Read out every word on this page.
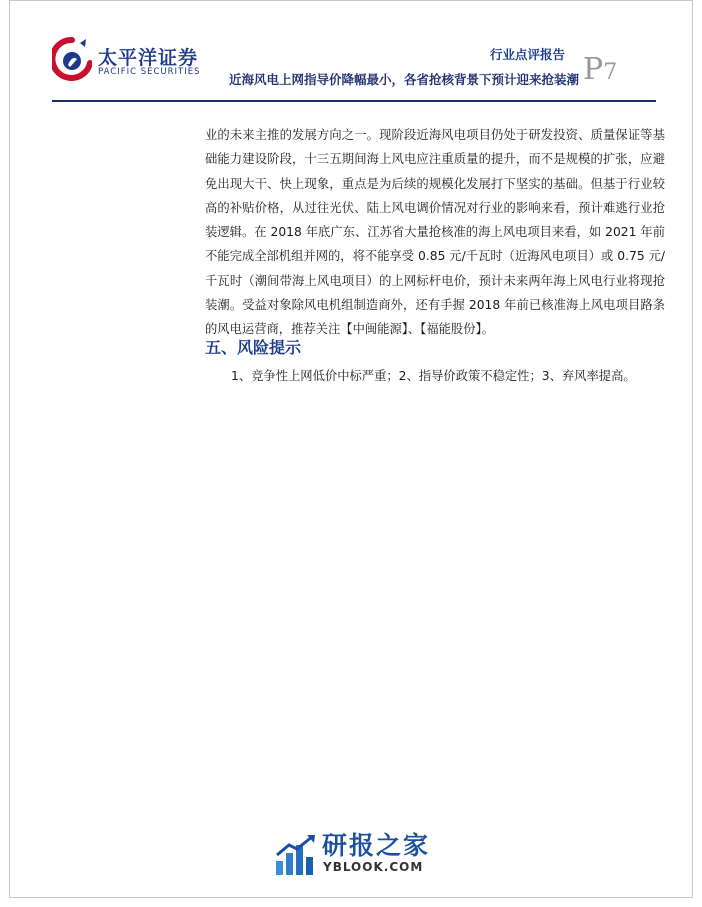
太平洋证券
PACIFIC SECURITIES
行业点评报告
近海风电上网指导价降幅最小，各省抢核背景下预计迎来抢装潮 P7

业的未来主推的发展方向之一。现阶段近海风电项目仍处于研发投资、质量保证等基础能力建设阶段，十三五期间海上风电应注重质量的提升，而不是规模的扩张，应避免出现大干、快上现象，重点是为后续的规模化发展打下坚实的基础。但基于行业较高的补贴价格，从过往光伏、陆上风电调价情况对行业的影响来看，预计难逃行业抢装逻辑。在 2018 年底广东、江苏省大量抢核准的海上风电项目来看，如 2021 年前不能完成全部机组并网的，将不能享受 0.85 元/千瓦时（近海风电项目）或 0.75 元/千瓦时（潮间带海上风电项目）的上网标杆电价，预计未来两年海上风电行业将现抢装潮。受益对象除风电机组制造商外，还有手握 2018 年前已核准海上风电项目路条的风电运营商，推荐关注【中闽能源】、【福能股份】。

五、风险提示

1、竞争性上网低价中标严重；2、指导价政策不稳定性；3、弃风率提高。

研报之家
YBLOOK.COM
